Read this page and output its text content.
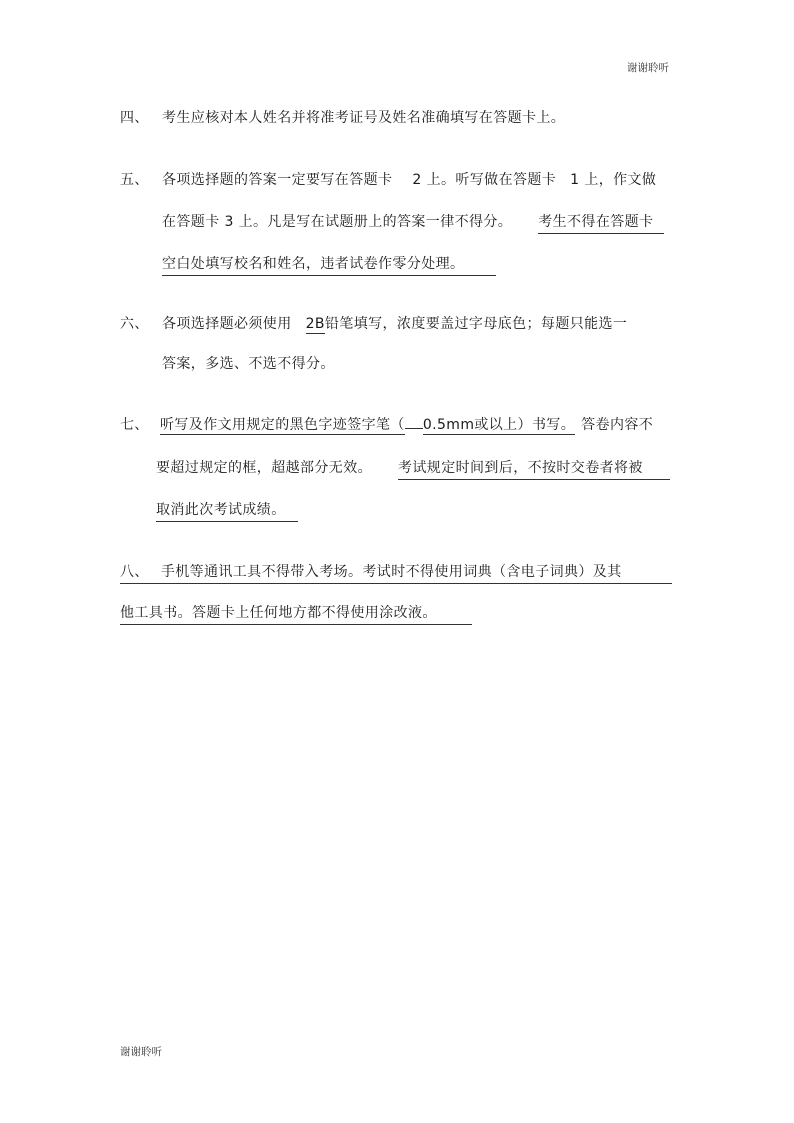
谢谢聆听
四、 考生应核对本人姓名并将准考证号及姓名准确填写在答题卡上。
五、 各项选择题的答案一定要写在答题卡 2 上。听写做在答题卡 1 上，作文做
在答题卡 3 上。凡是写在试题册上的答案一律不得分。 考生不得在答题卡
空白处填写校名和姓名，违者试卷作零分处理。
六、 各项选择题必须使用 2B铅笔填写，浓度要盖过字母底色；每题只能选一
答案，多选、不选不得分。
七、 听写及作文用规定的黑色字迹签字笔（ 0.5mm或以上）书写。 答卷内容不
要超过规定的框，超越部分无效。 考试规定时间到后，不按时交卷者将被
取消此次考试成绩。
八、 手机等通讯工具不得带入考场。考试时不得使用词典（含电子词典）及其
他工具书。答题卡上任何地方都不得使用涂改液。
谢谢聆听
